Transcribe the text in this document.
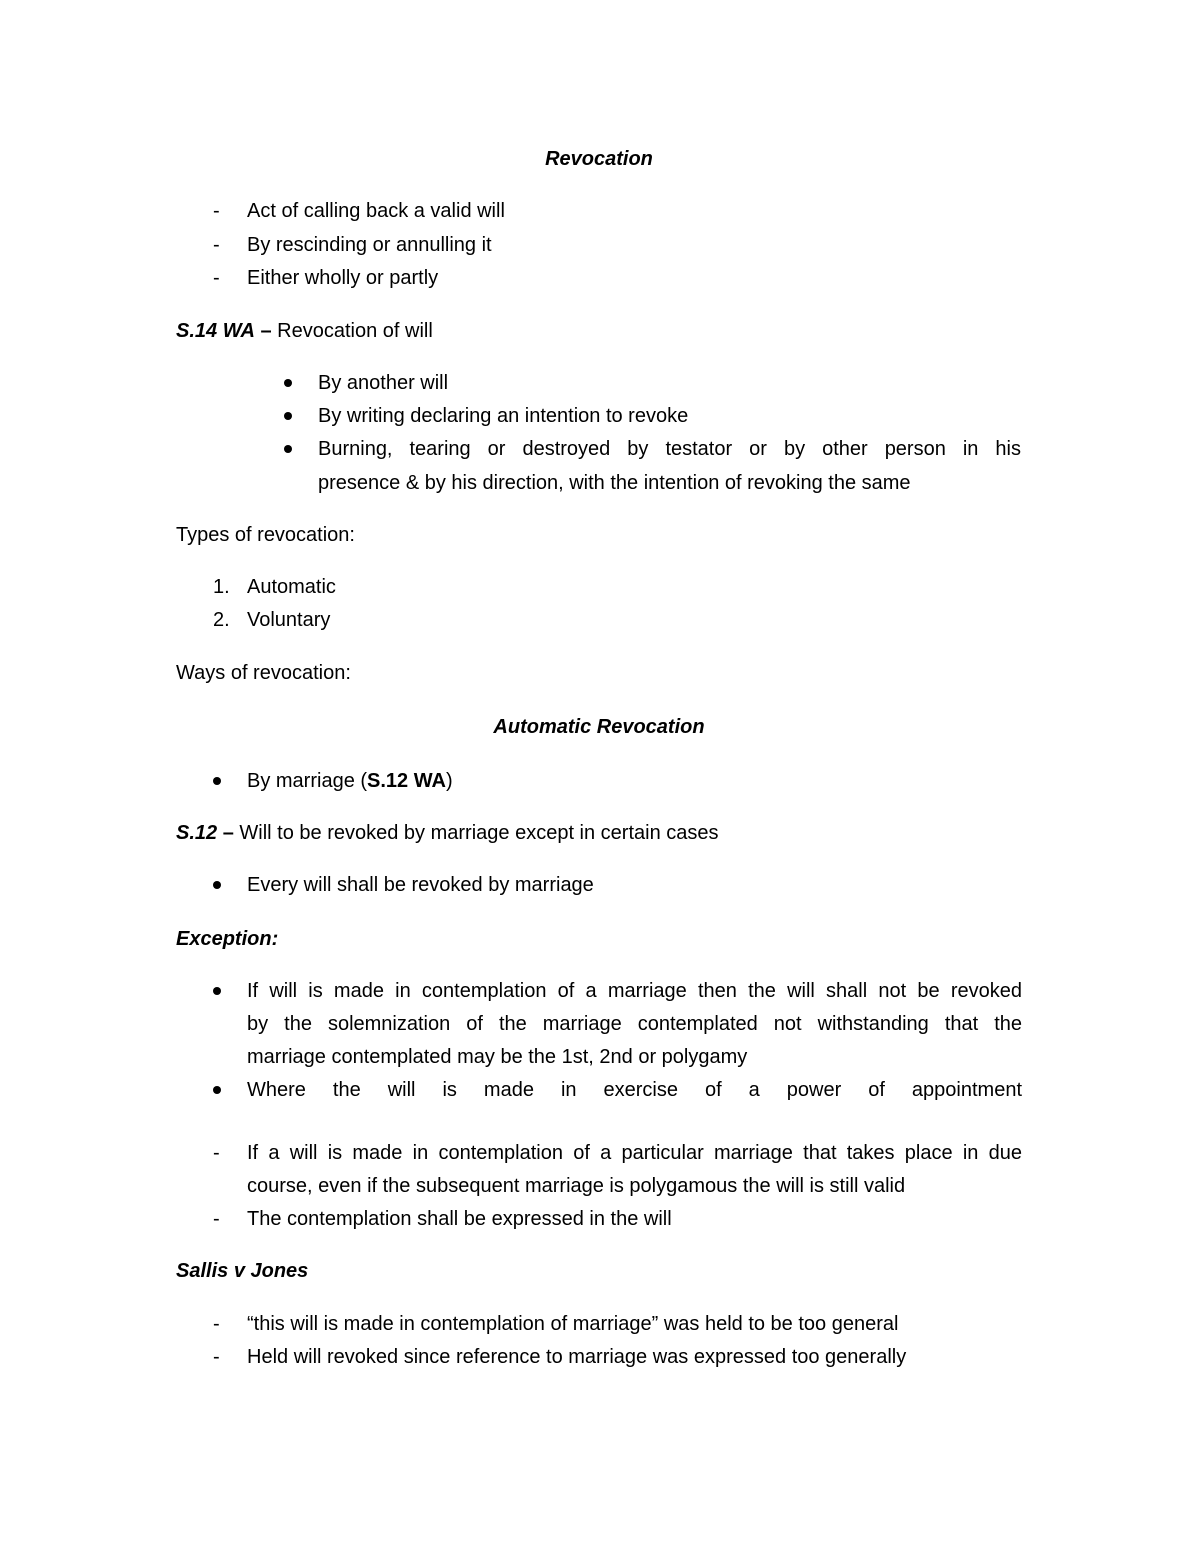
Revocation
- Act of calling back a valid will
- By rescinding or annulling it
- Either wholly or partly
S.14 WA – Revocation of will
By another will
By writing declaring an intention to revoke
Burning, tearing or destroyed by testator or by other person in his
presence & by his direction, with the intention of revoking the same
Types of revocation:
1. Automatic
2. Voluntary
Ways of revocation:
Automatic Revocation
By marriage (S.12 WA)
S.12 – Will to be revoked by marriage except in certain cases
Every will shall be revoked by marriage
Exception:
If will is made in contemplation of a marriage then the will shall not be revoked
by the solemnization of the marriage contemplated not withstanding that the
marriage contemplated may be the 1st, 2nd or polygamy
Where the will is made in exercise of a power of appointment
- If a will is made in contemplation of a particular marriage that takes place in due
course, even if the subsequent marriage is polygamous the will is still valid
- The contemplation shall be expressed in the will
Sallis v Jones
- “this will is made in contemplation of marriage” was held to be too general
- Held will revoked since reference to marriage was expressed too generally
